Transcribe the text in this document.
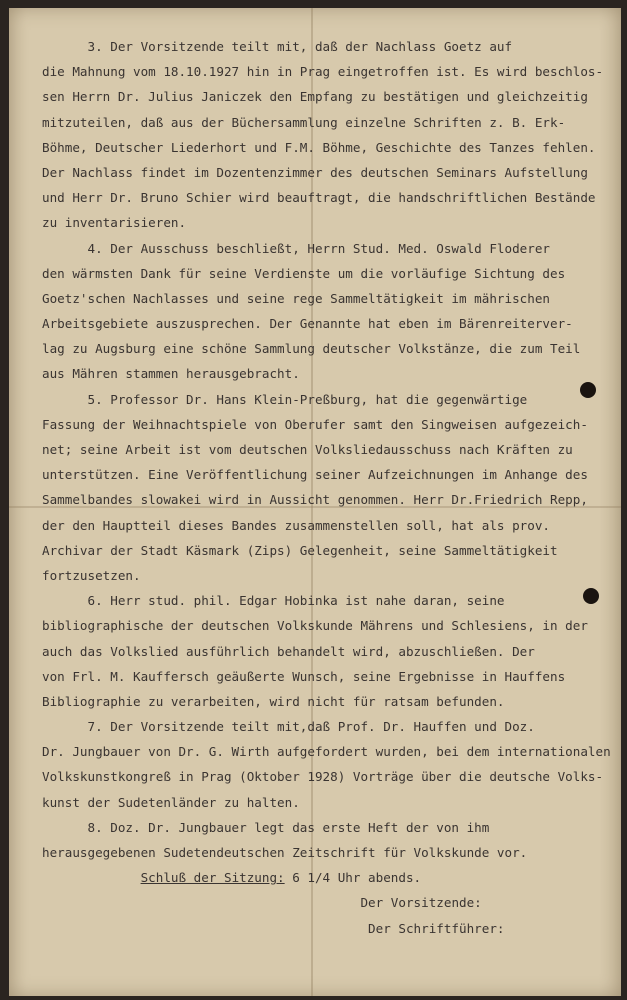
3. Der Vorsitzende teilt mit, daß der Nachlass Goetz auf

die Mahnung vom 18.10.1927 hin in Prag eingetroffen ist. Es wird beschlos-

sen Herrn Dr. Julius Janiczek den Empfang zu bestätigen und gleichzeitig

mitzuteilen, daß aus der Büchersammlung einzelne Schriften z. B. Erk-

Böhme, Deutscher Liederhort und F.M. Böhme, Geschichte des Tanzes fehlen.

Der Nachlass findet im Dozentenzimmer des deutschen Seminars Aufstellung

und Herr Dr. Bruno Schier wird beauftragt, die handschriftlichen Bestände

zu inventarisieren.

4. Der Ausschuss beschließt, Herrn Stud. Med. Oswald Floderer

den wärmsten Dank für seine Verdienste um die vorläufige Sichtung des

Goetz'schen Nachlasses und seine rege Sammeltätigkeit im mährischen

Arbeitsgebiete auszusprechen. Der Genannte hat eben im Bärenreiterver-

lag zu Augsburg eine schöne Sammlung deutscher Volkstänze, die zum Teil

aus Mähren stammen herausgebracht.

5. Professor Dr. Hans Klein-Preßburg, hat die gegenwärtige

Fassung der Weihnachtspiele von Oberufer samt den Singweisen aufgezeich-

net; seine Arbeit ist vom deutschen Volksliedausschuss nach Kräften zu

unterstützen. Eine Veröffentlichung seiner Aufzeichnungen im Anhange des

Sammelbandes slowakei wird in Aussicht genommen. Herr Dr.Friedrich Repp,

der den Hauptteil dieses Bandes zusammenstellen soll, hat als prov.

Archivar der Stadt Käsmark (Zips) Gelegenheit, seine Sammeltätigkeit

fortzusetzen.

6. Herr stud. phil. Edgar Hobinka ist nahe daran, seine

bibliographische der deutschen Volkskunde Mährens und Schlesiens, in der

auch das Volkslied ausführlich behandelt wird, abzuschließen. Der

von Frl. M. Kauffersch geäußerte Wunsch, seine Ergebnisse in Hauffens

Bibliographie zu verarbeiten, wird nicht für ratsam befunden.

7. Der Vorsitzende teilt mit,daß Prof. Dr. Hauffen und Doz.

Dr. Jungbauer von Dr. G. Wirth aufgefordert wurden, bei dem internationalen

Volkskunstkongreß in Prag (Oktober 1928) Vorträge über die deutsche Volks-

kunst der Sudetenländer zu halten.

8. Doz. Dr. Jungbauer legt das erste Heft der von ihm

herausgegebenen Sudetendeutschen Zeitschrift für Volkskunde vor.

Schluß der Sitzung: 6 1/4 Uhr abends.

Der Vorsitzende:

Der Schriftführer:
